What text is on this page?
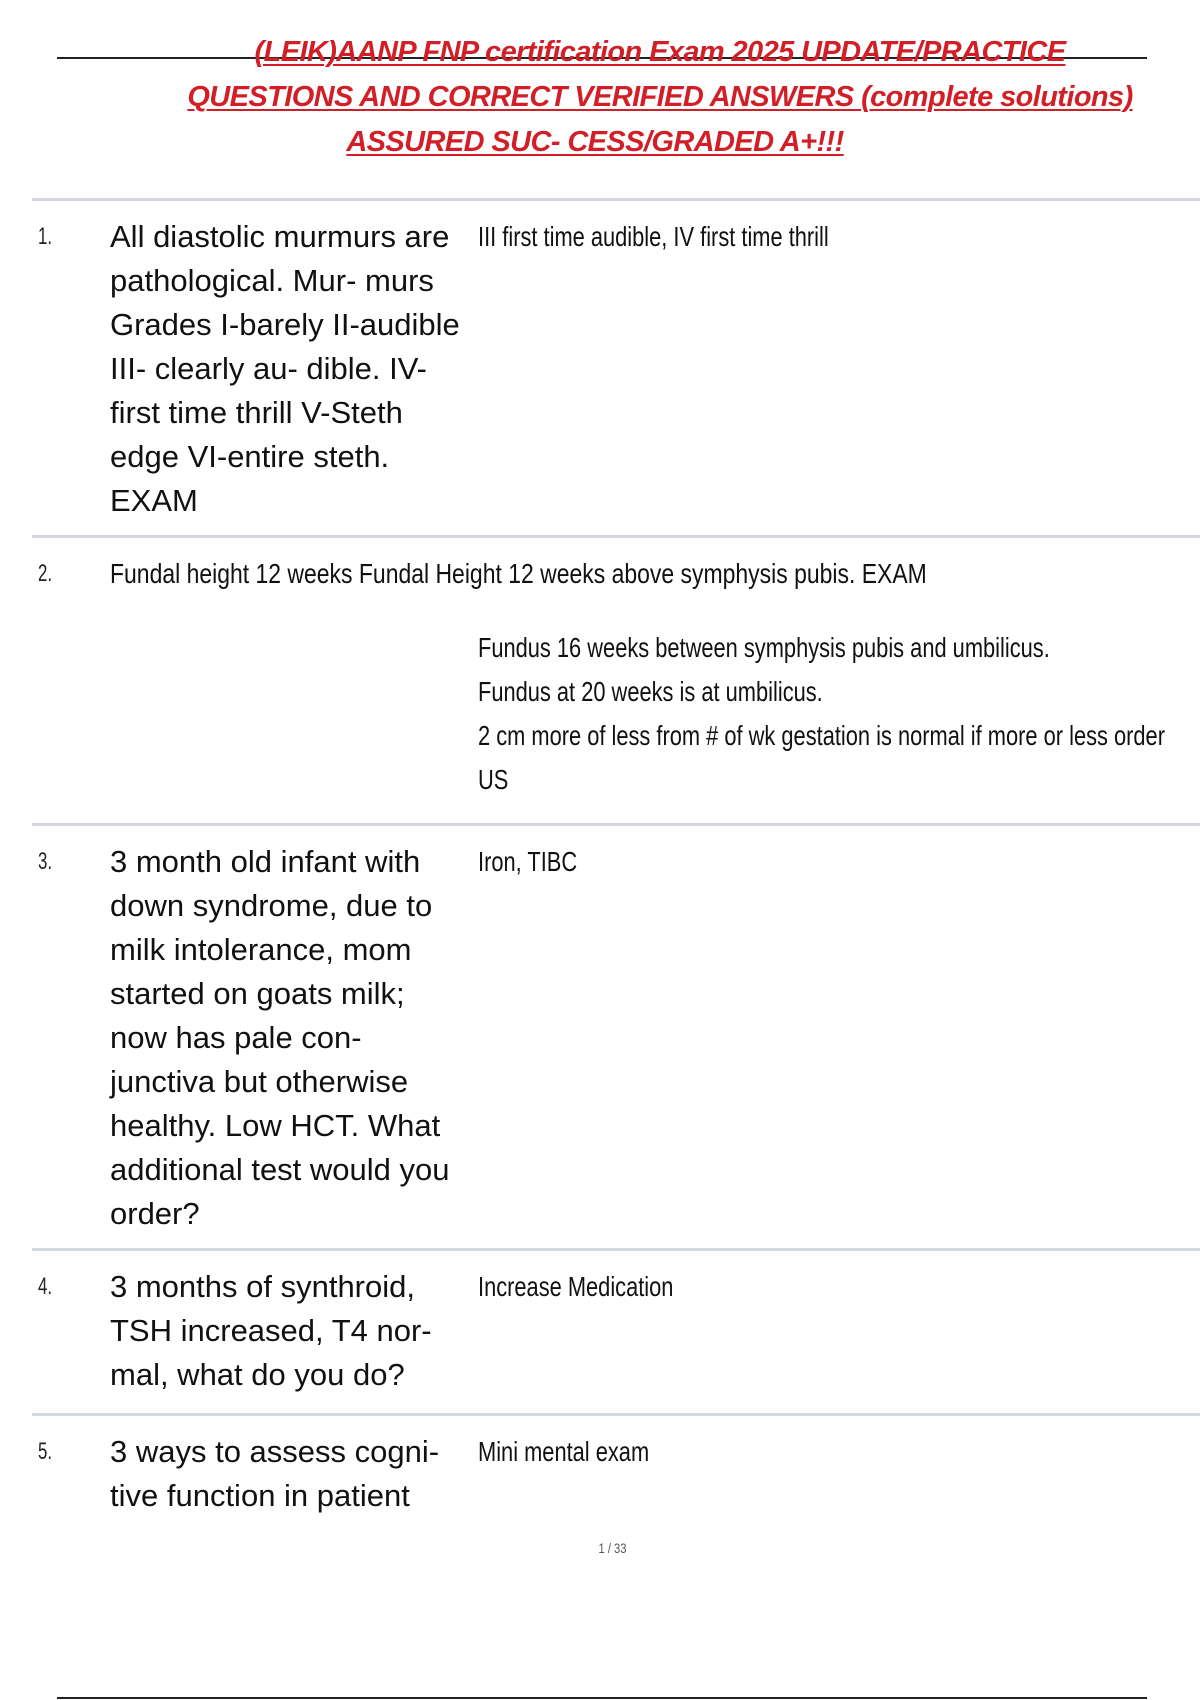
(LEIK)AANP FNP certification Exam 2025 UPDATE/PRACTICE
QUESTIONS AND CORRECT VERIFIED ANSWERS (complete solutions)
ASSURED SUC- CESS/GRADED A+!!!
1. All diastolic murmurs are pathological. Mur- murs Grades I-barely II-audible III- clearly au- dible. IV- first time thrill V-Steth edge VI-entire steth. EXAM
III first time audible, IV first time thrill
2. Fundal height 12 weeks Fundal Height 12 weeks above symphysis pubis. EXAM
Fundus 16 weeks between symphysis pubis and umbilicus.
Fundus at 20 weeks is at umbilicus.
2 cm more of less from # of wk gestation is normal if more or less order
US
3. 3 month old infant with down syndrome, due to milk intolerance, mom started on goats milk; now has pale con- junctiva but otherwise healthy. Low HCT. What additional test would you order?
Iron, TIBC
4. 3 months of synthroid, TSH increased, T4 nor- mal, what do you do?
Increase Medication
5. 3 ways to assess cogni- tive function in patient
Mini mental exam
1 / 33
